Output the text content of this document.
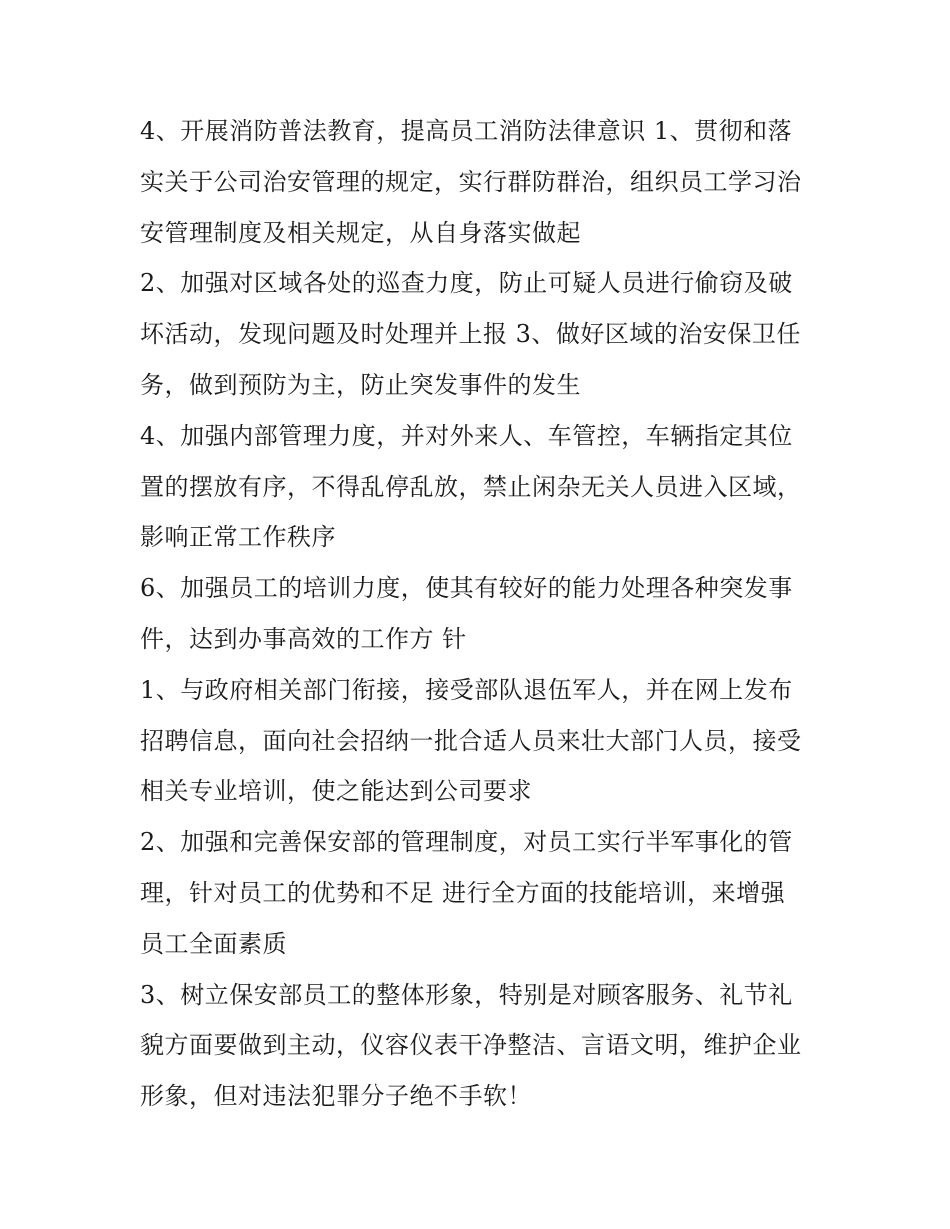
4、开展消防普法教育，提高员工消防法律意识 1、贯彻和落
实关于公司治安管理的规定，实行群防群治，组织员工学习治
安管理制度及相关规定，从自身落实做起
2、加强对区域各处的巡查力度，防止可疑人员进行偷窃及破
坏活动，发现问题及时处理并上报 3、做好区域的治安保卫任
务，做到预防为主，防止突发事件的发生
4、加强内部管理力度，并对外来人、车管控，车辆指定其位
置的摆放有序，不得乱停乱放，禁止闲杂无关人员进入区域，
影响正常工作秩序
6、加强员工的培训力度，使其有较好的能力处理各种突发事
件，达到办事高效的工作方 针
1、与政府相关部门衔接，接受部队退伍军人，并在网上发布
招聘信息，面向社会招纳一批合适人员来壮大部门人员，接受
相关专业培训，使之能达到公司要求
2、加强和完善保安部的管理制度，对员工实行半军事化的管
理，针对员工的优势和不足 进行全方面的技能培训，来增强
员工全面素质
3、树立保安部员工的整体形象，特别是对顾客服务、礼节礼
貌方面要做到主动，仪容仪表干净整洁、言语文明，维护企业
形象，但对违法犯罪分子绝不手软！
